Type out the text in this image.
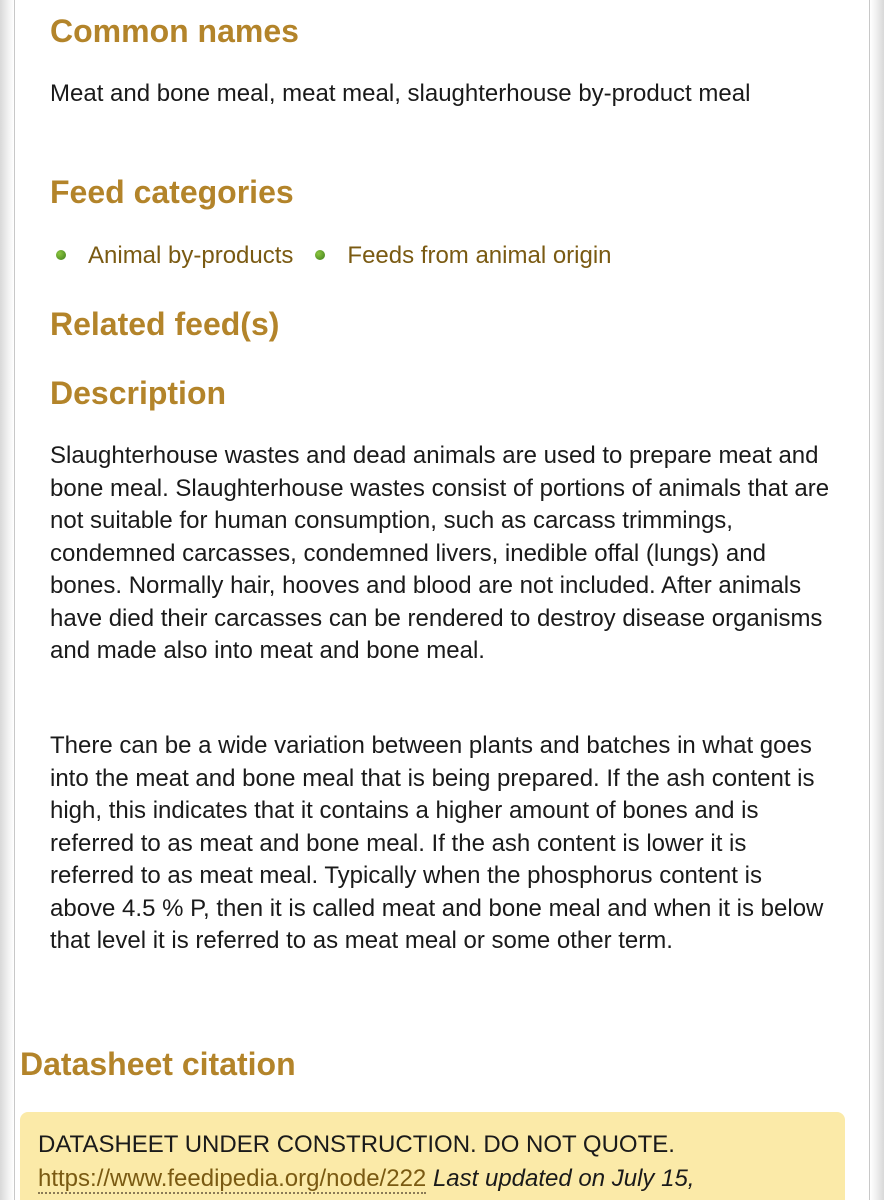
Common names

Meat and bone meal, meat meal, slaughterhouse by-product meal

Feed categories
Animal by-products Feeds from animal origin
Related feed(s)
Description

Slaughterhouse wastes and dead animals are used to prepare meat and bone meal. Slaughterhouse wastes consist of portions of animals that are not suitable for human consumption, such as carcass trimmings, condemned carcasses, condemned livers, inedible offal (lungs) and bones. Normally hair, hooves and blood are not included. After animals have died their carcasses can be rendered to destroy disease organisms and made also into meat and bone meal.

There can be a wide variation between plants and batches in what goes into the meat and bone meal that is being prepared. If the ash content is high, this indicates that it contains a higher amount of bones and is referred to as meat and bone meal. If the ash content is lower it is referred to as meat meal. Typically when the phosphorus content is above 4.5 % P, then it is called meat and bone meal and when it is below that level it is referred to as meat meal or some other term.

Datasheet citation
DATASHEET UNDER CONSTRUCTION. DO NOT QUOTE.
https://www.feedipedia.org/node/222 Last updated on July 15,
